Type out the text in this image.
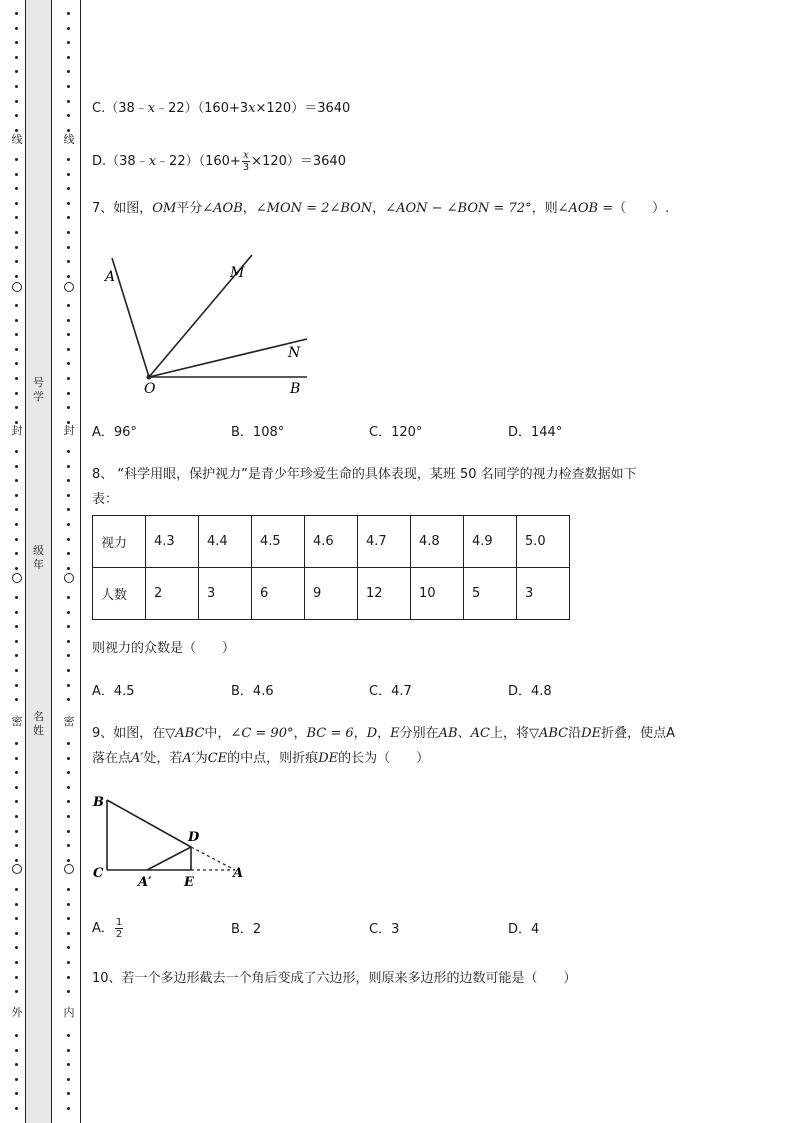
线
封
密
外
线
封
密
内
号
学
级
年
名
姓
C.（38﹣x﹣22）（160+3x×120）＝3640
D.（38﹣x﹣22）（160+ $\frac{x}{3} \times 120)=3640$
7、如图，OM平分∠AOB，∠MON = 2∠BON，∠AON − ∠BON = 72°，则∠AOB =（　　）.
A	M
N
O	B
A．96°	B．108°	C．120°	D．144°
8、 “科学用眼，保护视力”是青少年珍爱生命的具体表现，某班 50 名同学的视力检查数据如下
表：
视力	4.3	4.4	4.5	4.6	4.7	4.8	4.9	5.0
人数	2	3	6	9	12	10	5	3
则视力的众数是（　　）
A．4.5	B．4.6	C．4.7	D．4.8
9、如图，在▽ABC中，∠C = 90°，BC = 6，D，E分别在AB、AC上，将▽ABC沿DE折叠，使点A
落在点A′处，若A′为CE的中点，则折痕DE的长为（　　）
B
D
C
A′ E
A
A． $\frac{1}{2}$	B．2	C．3	D．4
10、若一个多边形截去一个角后变成了六边形，则原来多边形的边数可能是（　　）
